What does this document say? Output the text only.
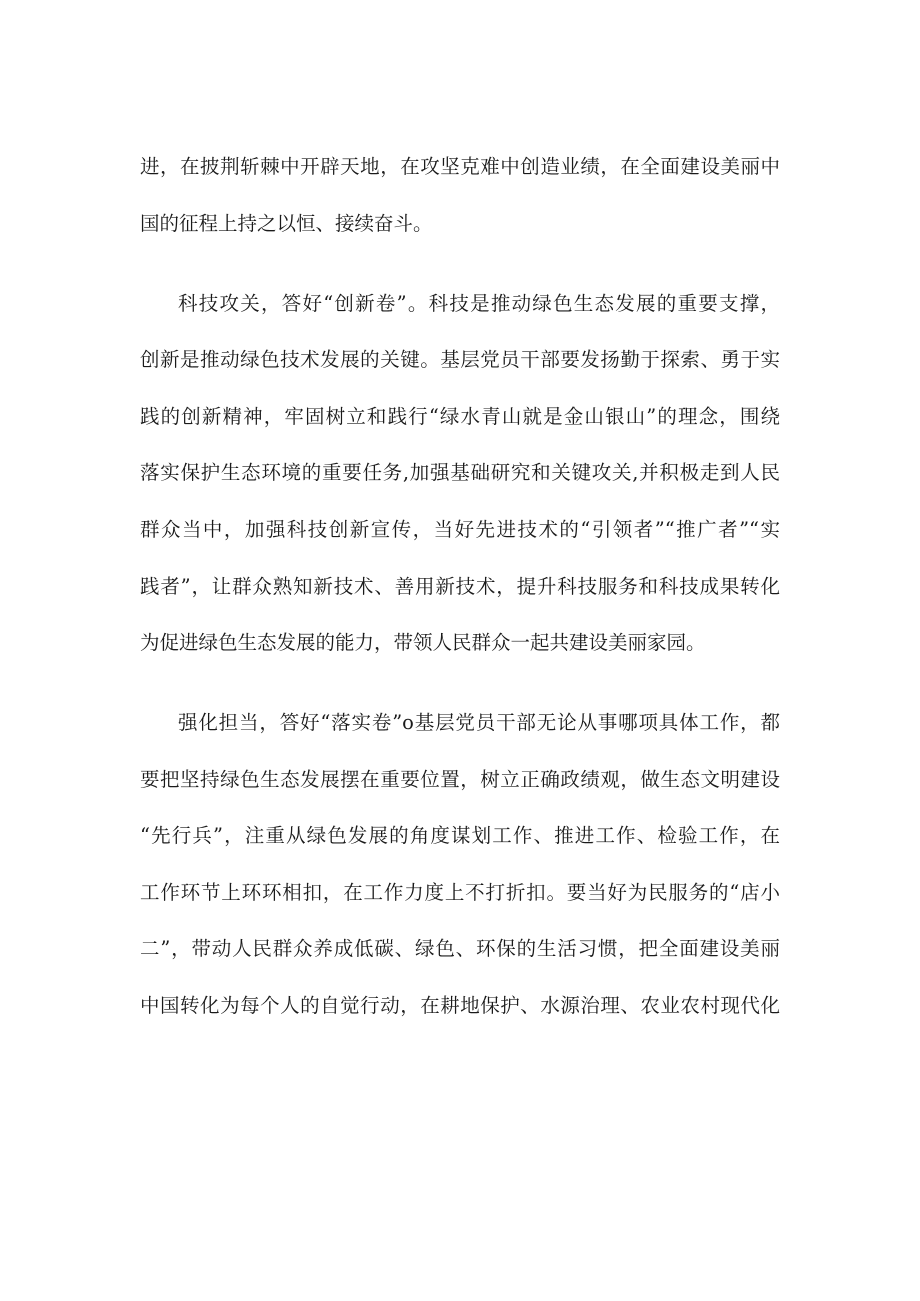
进，在披荆斩棘中开辟天地，在攻坚克难中创造业绩，在全面建设美丽中
国的征程上持之以恒、接续奋斗。
科技攻关，答好“创新卷”。科技是推动绿色生态发展的重要支撑，
创新是推动绿色技术发展的关键。基层党员干部要发扬勤于探索、勇于实
践的创新精神，牢固树立和践行“绿水青山就是金山银山”的理念，围绕
落实保护生态环境的重要任务,加强基础研究和关键攻关,并积极走到人民
群众当中，加强科技创新宣传，当好先进技术的“引领者”“推广者”“实
践者”，让群众熟知新技术、善用新技术，提升科技服务和科技成果转化
为促进绿色生态发展的能力，带领人民群众一起共建设美丽家园。
强化担当，答好“落实卷”o基层党员干部无论从事哪项具体工作，都
要把坚持绿色生态发展摆在重要位置，树立正确政绩观，做生态文明建设
“先行兵”，注重从绿色发展的角度谋划工作、推进工作、检验工作，在
工作环节上环环相扣，在工作力度上不打折扣。要当好为民服务的“店小
二”，带动人民群众养成低碳、绿色、环保的生活习惯，把全面建设美丽
中国转化为每个人的自觉行动，在耕地保护、水源治理、农业农村现代化
